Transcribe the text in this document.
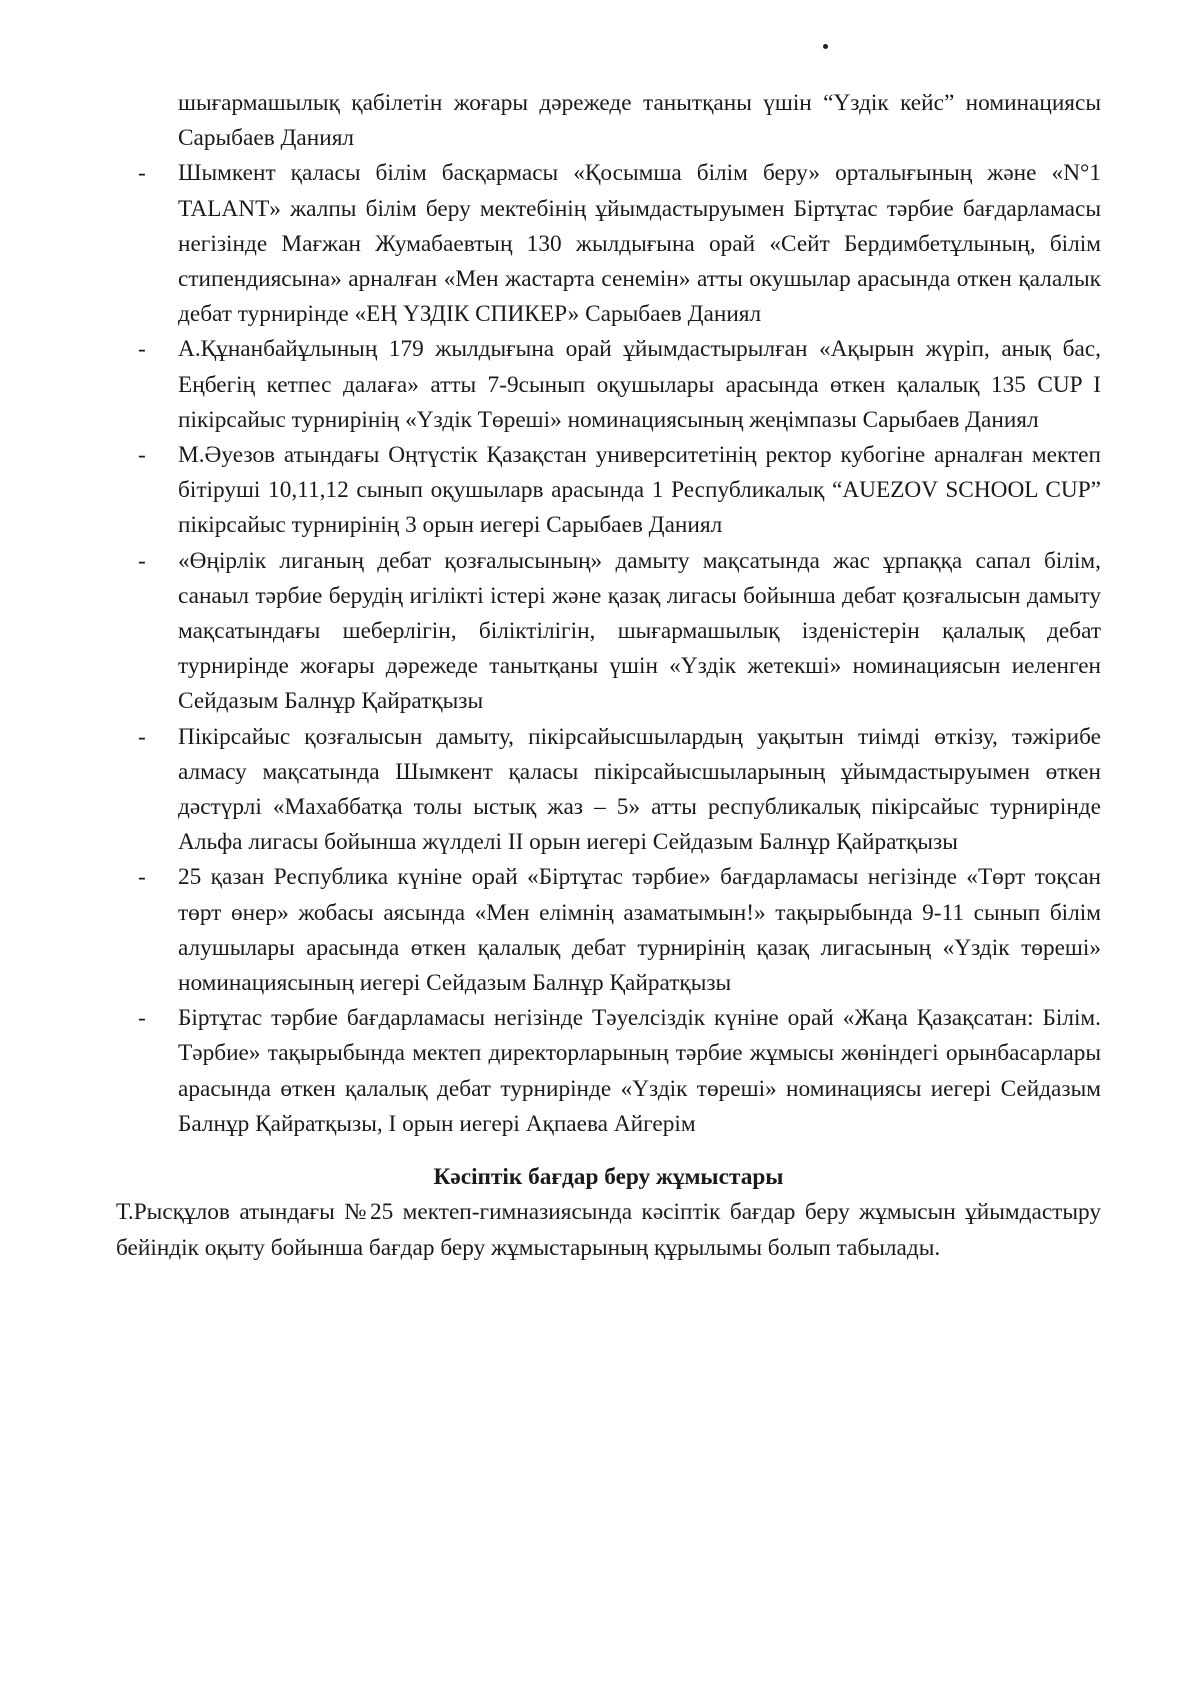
шығармашылық қабілетін жоғары дәрежеде танытқаны үшін “Үздік кейс” номинациясы Сарыбаев Даниял

- Шымкент қаласы білім басқармасы «Қосымша білім беру» орталығының және «N°1 TALANT» жалпы білім беру мектебінің ұйымдастыруымен Біртұтас тәрбие бағдарламасы негізінде Мағжан Жумабаевтың 130 жылдығына орай «Сейт Бердимбетұлының, білім стипендиясына» арналған «Мен жастарта сенемін» атты окушылар арасында откен қалалык дебат турнирінде «ЕҢ ҮЗДІК СПИКЕР» Сарыбаев Даниял
- А.Құнанбайұлының 179 жылдығына орай ұйымдастырылған «Ақырын жүріп, анық бас, Еңбегің кетпес далаға» атты 7-9сынып оқушылары арасында өткен қалалық 135 CUP I пікірсайыс турнирінің «Үздік Төреші» номинациясының жеңімпазы Сарыбаев Даниял
- М.Әуезов атындағы Оңтүстік Қазақстан университетінің ректор кубогіне арналған мектеп бітіруші 10,11,12 сынып оқушыларв арасында 1 Республикалық “AUEZOV SCHOOL CUP” пікірсайыс турнирінің 3 орын иегері Сарыбаев Даниял
- «Өңірлік лиганың дебат қозғалысының» дамыту мақсатында жас ұрпаққа сапал білім, санаыл тәрбие берудің игілікті істері және қазақ лигасы бойынша дебат қозғалысын дамыту мақсатындағы шеберлігін, біліктілігін, шығармашылық ізденістерін қалалық дебат турнирінде жоғары дәрежеде танытқаны үшін «Үздік жетекші» номинациясын иеленген Сейдазым Балнұр Қайратқызы
- Пікірсайыс қозғалысын дамыту, пікірсайысшылардың уақытын тиімді өткізу, тәжірибе алмасу мақсатында Шымкент қаласы пікірсайысшыларының ұйымдастыруымен өткен дәстүрлі «Махаббатқа толы ыстық жаз – 5» атты республикалық пікірсайыс турнирінде Альфа лигасы бойынша жүлделі II орын иегері Сейдазым Балнұр Қайратқызы
- 25 қазан Республика күніне орай «Біртұтас тәрбие» бағдарламасы негізінде «Төрт тоқсан төрт өнер» жобасы аясында «Мен елімнің азаматымын!» тақырыбында 9-11 сынып білім алушылары арасында өткен қалалық дебат турнирінің қазақ лигасының «Үздік төреші» номинациясының иегері Сейдазым Балнұр Қайратқызы
- Біртұтас тәрбие бағдарламасы негізінде Тәуелсіздік күніне орай «Жаңа Қазақсатан: Білім. Тәрбие» тақырыбында мектеп директорларының тәрбие жұмысы жөніндегі орынбасарлары арасында өткен қалалық дебат турнирінде «Үздік төреші» номинациясы иегері Сейдазым Балнұр Қайратқызы, I орын иегері Ақпаева Айгерім
Кәсіптік бағдар беру жұмыстары

Т.Рысқұлов атындағы №25 мектеп-гимназиясында кәсіптік бағдар беру жұмысын ұйымдастыру бейіндік оқыту бойынша бағдар беру жұмыстарының құрылымы болып табылады.
